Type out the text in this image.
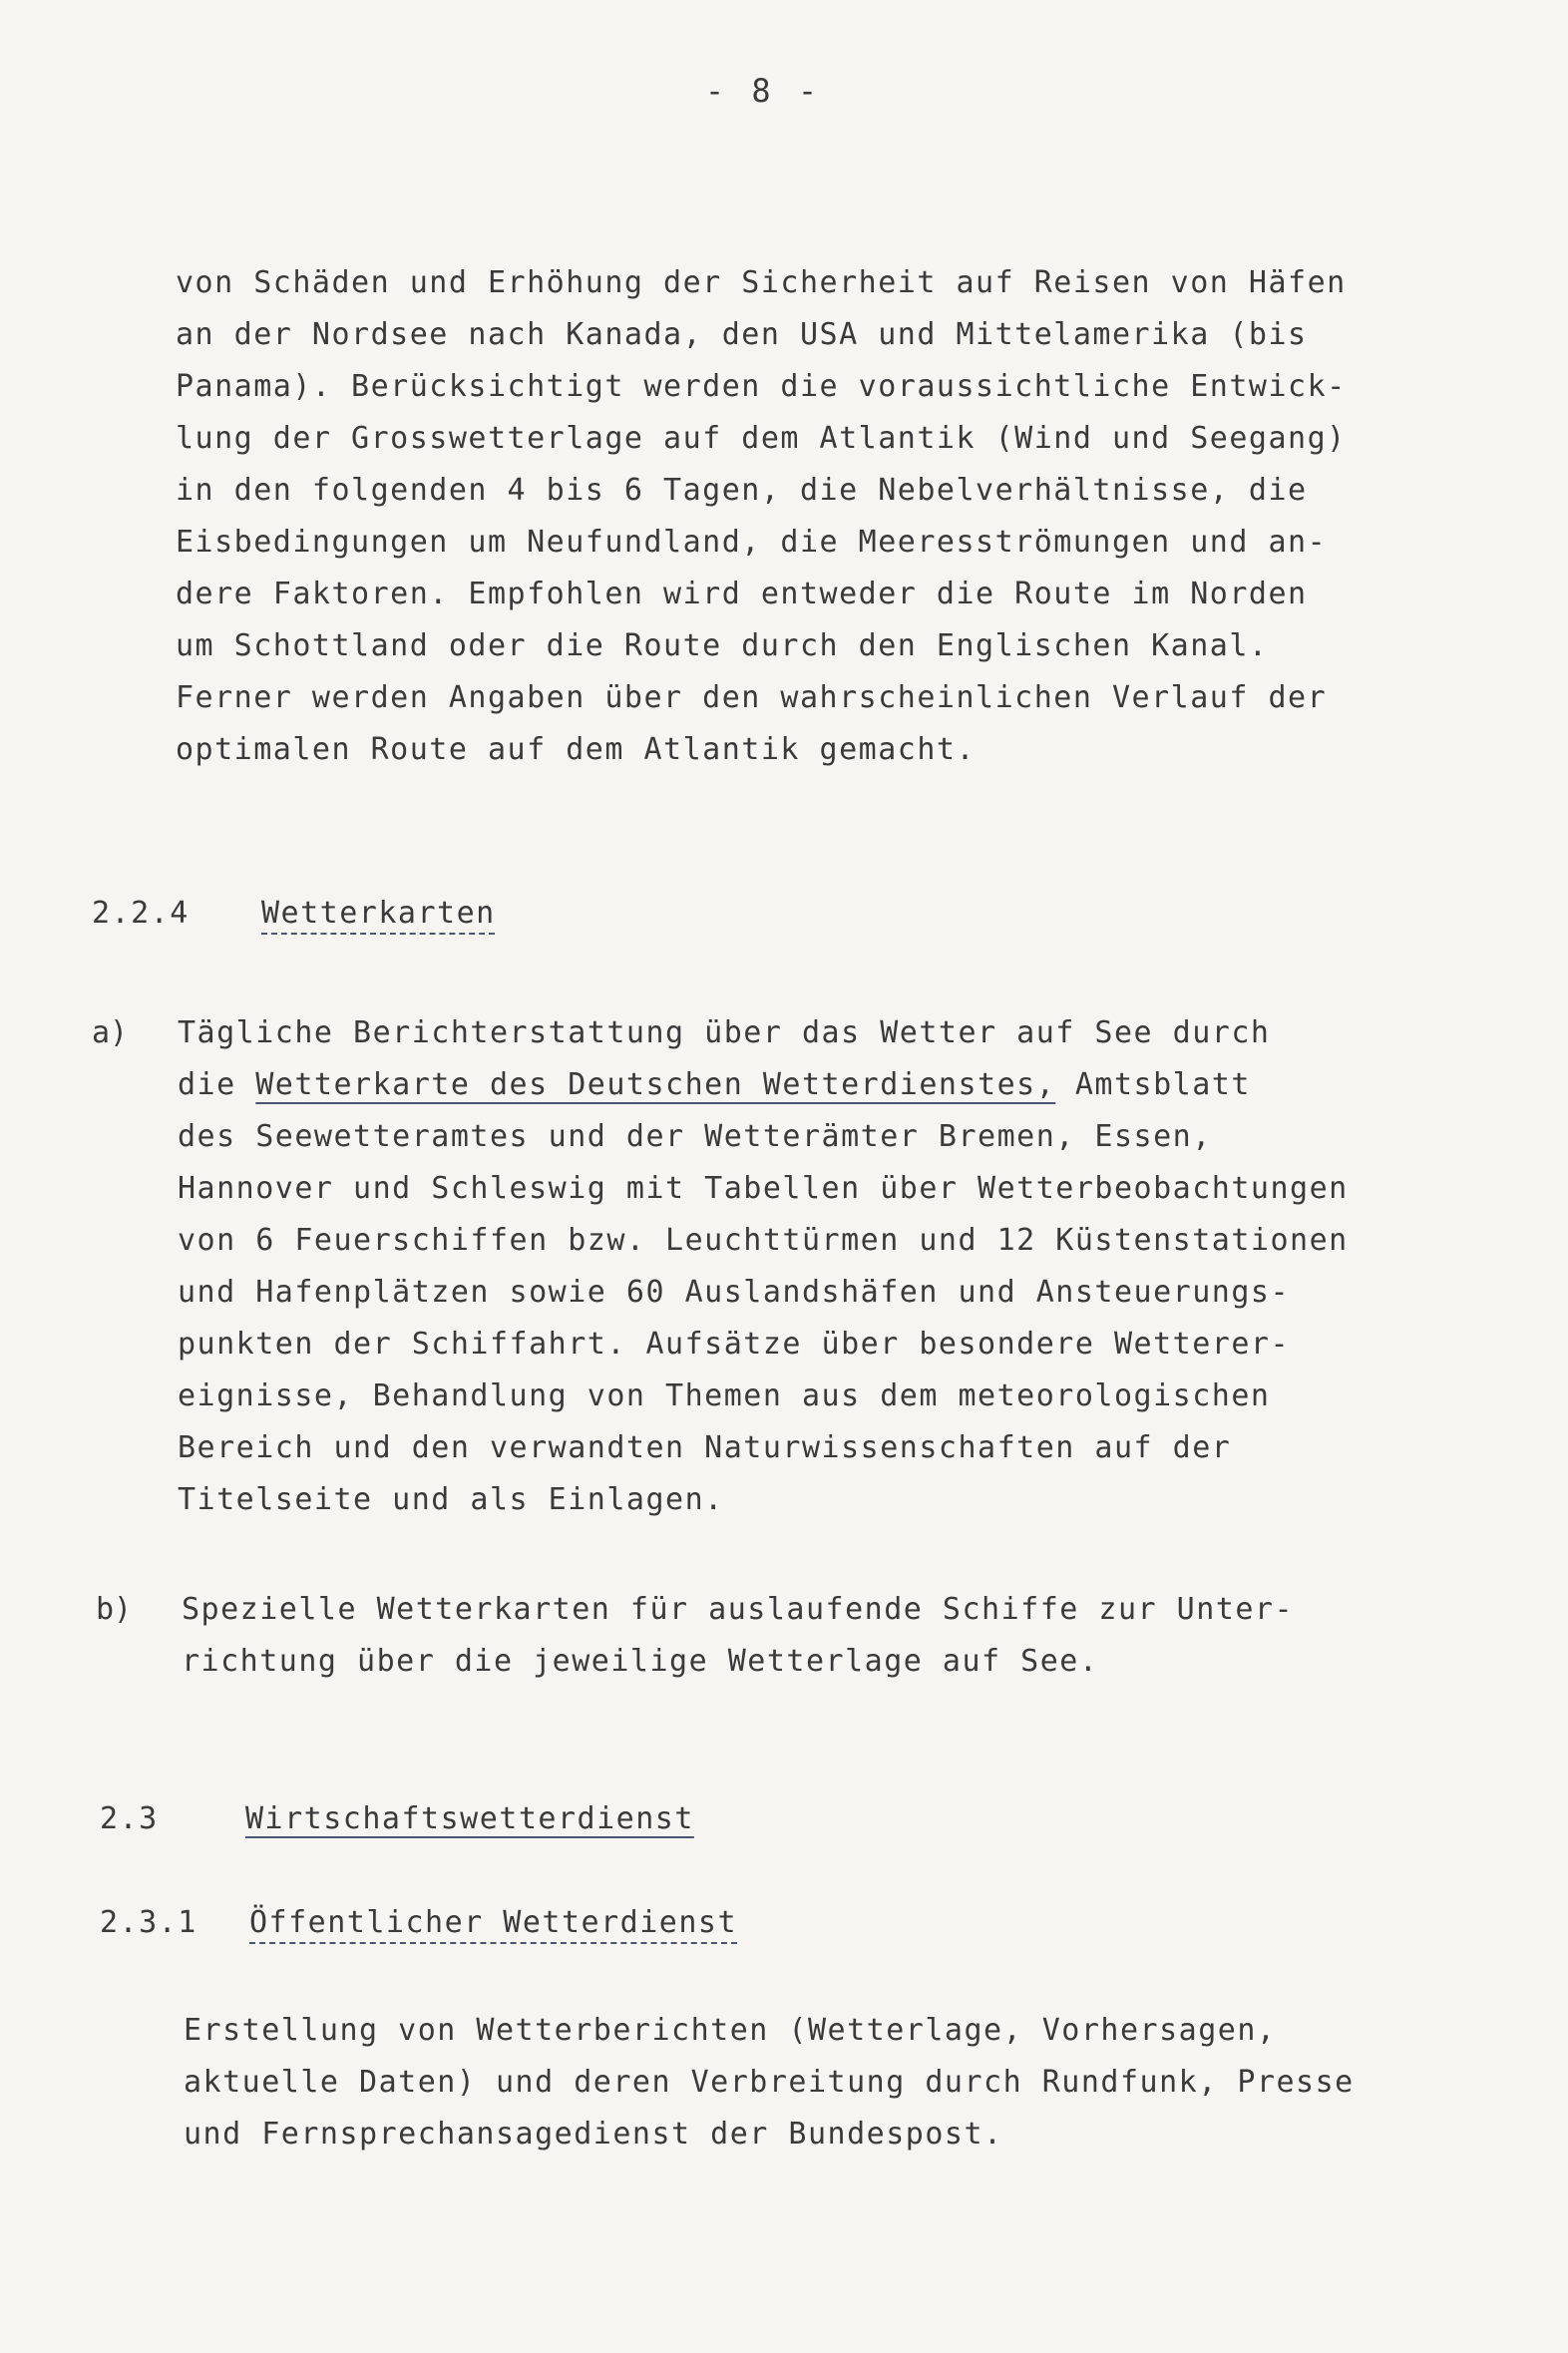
- 8 -
von Schäden und Erhöhung der Sicherheit auf Reisen von Häfen
an der Nordsee nach Kanada, den USA und Mittelamerika (bis
Panama). Berücksichtigt werden die voraussichtliche Entwick-
lung der Grosswetterlage auf dem Atlantik (Wind und Seegang)
in den folgenden 4 bis 6 Tagen, die Nebelverhältnisse, die
Eisbedingungen um Neufundland, die Meeresströmungen und an-
dere Faktoren. Empfohlen wird entweder die Route im Norden
um Schottland oder die Route durch den Englischen Kanal.
Ferner werden Angaben über den wahrscheinlichen Verlauf der
optimalen Route auf dem Atlantik gemacht.
2.2.4 Wetterkarten
a) Tägliche Berichterstattung über das Wetter auf See durch
die Wetterkarte des Deutschen Wetterdienstes, Amtsblatt
des Seewetteramtes und der Wetterämter Bremen, Essen,
Hannover und Schleswig mit Tabellen über Wetterbeobachtungen
von 6 Feuerschiffen bzw. Leuchttürmen und 12 Küstenstationen
und Hafenplätzen sowie 60 Auslandshäfen und Ansteuerungs-
punkten der Schiffahrt. Aufsätze über besondere Wetterer-
eignisse, Behandlung von Themen aus dem meteorologischen
Bereich und den verwandten Naturwissenschaften auf der
Titelseite und als Einlagen.
b) Spezielle Wetterkarten für auslaufende Schiffe zur Unter-
richtung über die jeweilige Wetterlage auf See.
2.3	Wirtschaftswetterdienst
2.3.1 Öffentlicher Wetterdienst
Erstellung von Wetterberichten (Wetterlage, Vorhersagen,
aktuelle Daten) und deren Verbreitung durch Rundfunk, Presse
und Fernsprechansagedienst der Bundespost.
